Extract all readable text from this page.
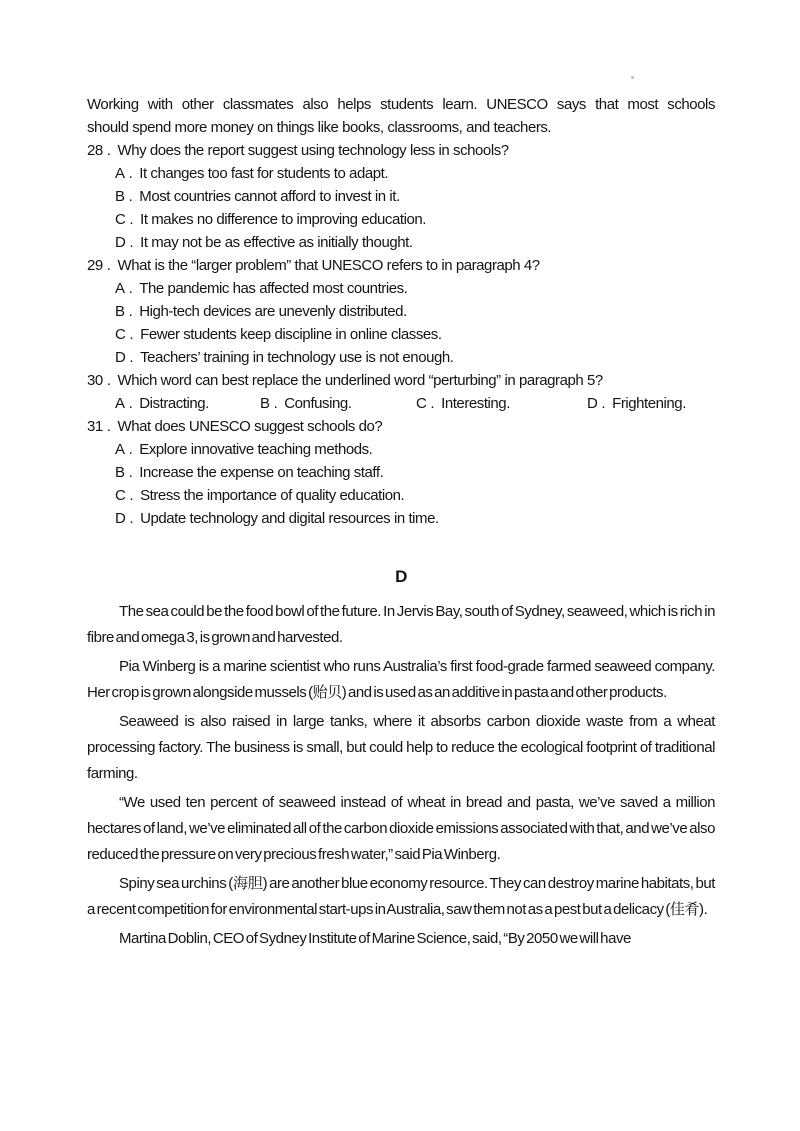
Working with other classmates also helps students learn. UNESCO says that most schools
should spend more money on things like books, classrooms, and teachers.
28 . Why does the report suggest using technology less in schools?
A . It changes too fast for students to adapt.
B . Most countries cannot afford to invest in it.
C . It makes no difference to improving education.
D . It may not be as effective as initially thought.
29 . What is the “larger problem” that UNESCO refers to in paragraph 4?
A . The pandemic has affected most countries.
B . High-tech devices are unevenly distributed.
C . Fewer students keep discipline in online classes.
D . Teachers’ training in technology use is not enough.
30 . Which word can best replace the underlined word “perturbing” in paragraph 5?
A . Distracting.	B . Confusing.	C . Interesting.	D . Frightening.
31 . What does UNESCO suggest schools do?
A . Explore innovative teaching methods.
B . Increase the expense on teaching staff.
C . Stress the importance of quality education.
D . Update technology and digital resources in time.
D

The sea could be the food bowl of the future. In Jervis Bay, south of Sydney, seaweed, which is rich in fibre and omega 3, is grown and harvested.

Pia Winberg is a marine scientist who runs Australia’s first food-grade farmed seaweed company. Her crop is grown alongside mussels (贻贝) and is used as an additive in pasta and other products.

Seaweed is also raised in large tanks, where it absorbs carbon dioxide waste from a wheat processing factory. The business is small, but could help to reduce the ecological footprint of traditional farming.

“We used ten percent of seaweed instead of wheat in bread and pasta, we’ve saved a million hectares of land, we’ve eliminated all of the carbon dioxide emissions associated with that, and we’ve also reduced the pressure on very precious fresh water,” said Pia Winberg.

Spiny sea urchins (海胆) are another blue economy resource. They can destroy marine habitats, but a recent competition for environmental start-ups in Australia, saw them not as a pest but a delicacy (佳肴).

Martina Doblin, CEO of Sydney Institute of Marine Science, said, “By 2050 we will have
